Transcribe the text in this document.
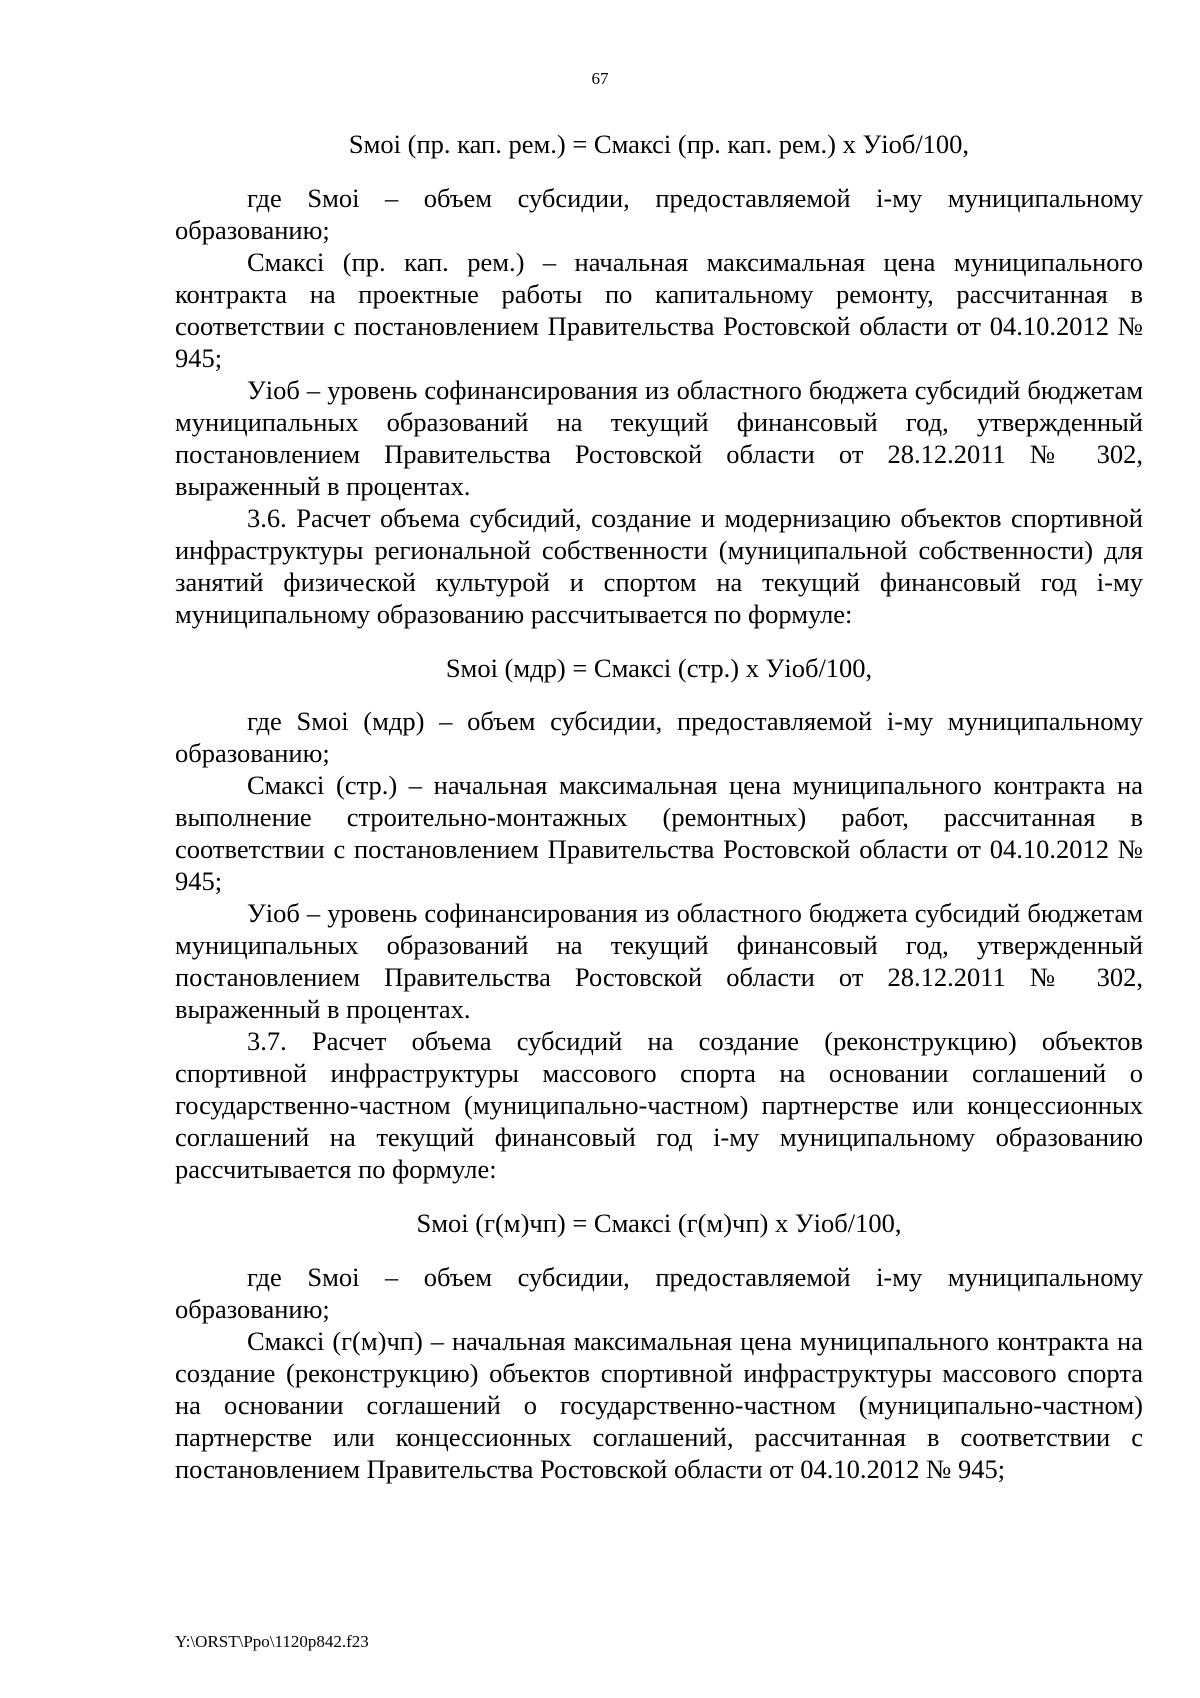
67

Sмоi (пр. кап. рем.) = Смаксi (пр. кап. рем.) х Уiоб/100,

где Sмоi – объем субсидии, предоставляемой i-му муниципальному образованию;

Смаксi (пр. кап. рем.) – начальная максимальная цена муниципального контракта на проектные работы по капитальному ремонту, рассчитанная в соответствии с постановлением Правительства Ростовской области от 04.10.2012 № 945;

Уiоб – уровень софинансирования из областного бюджета субсидий бюджетам муниципальных образований на текущий финансовый год, утвержденный постановлением Правительства Ростовской области от 28.12.2011 № 302, выраженный в процентах.

3.6. Расчет объема субсидий, создание и модернизацию объектов спортивной инфраструктуры региональной собственности (муниципальной собственности) для занятий физической культурой и спортом на текущий финансовый год i-му муниципальному образованию рассчитывается по формуле:

Sмоi (мдр) = Смаксi (стр.) х Уiоб/100,

где Sмоi (мдр) – объем субсидии, предоставляемой i-му муниципальному образованию;

Смаксi (стр.) – начальная максимальная цена муниципального контракта на выполнение строительно-монтажных (ремонтных) работ, рассчитанная в соответствии с постановлением Правительства Ростовской области от 04.10.2012 № 945;

Уiоб – уровень софинансирования из областного бюджета субсидий бюджетам муниципальных образований на текущий финансовый год, утвержденный постановлением Правительства Ростовской области от 28.12.2011 № 302, выраженный в процентах.

3.7. Расчет объема субсидий на создание (реконструкцию) объектов спортивной инфраструктуры массового спорта на основании соглашений о государственно-частном (муниципально-частном) партнерстве или концессионных соглашений на текущий финансовый год i-му муниципальному образованию рассчитывается по формуле:

Sмоi (г(м)чп) = Смаксi (г(м)чп) х Уiоб/100,

где Sмоi – объем субсидии, предоставляемой i-му муниципальному образованию;

Смаксi (г(м)чп) – начальная максимальная цена муниципального контракта на создание (реконструкцию) объектов спортивной инфраструктуры массового спорта на основании соглашений о государственно-частном (муниципально-частном) партнерстве или концессионных соглашений, рассчитанная в соответствии с постановлением Правительства Ростовской области от 04.10.2012 № 945;

Y:\ORST\Ppo\1120p842.f23
